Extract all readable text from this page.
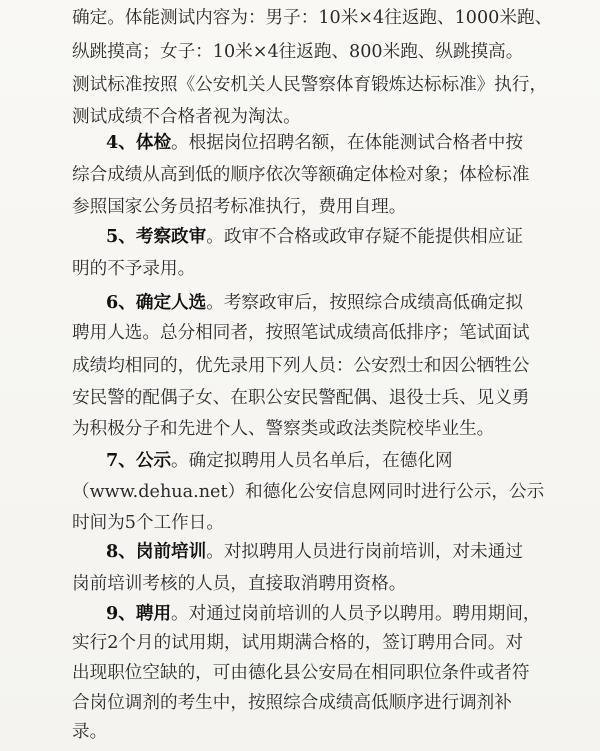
确定。体能测试内容为：男子：10米×4往返跑、1000米跑、
纵跳摸高；女子：10米×4往返跑、800米跑、纵跳摸高。
测试标准按照《公安机关人民警察体育锻炼达标标准》执行，
测试成绩不合格者视为淘汰。
4、体检。根据岗位招聘名额，在体能测试合格者中按
综合成绩从高到低的顺序依次等额确定体检对象；体检标准
参照国家公务员招考标准执行，费用自理。
5、考察政审。政审不合格或政审存疑不能提供相应证
明的不予录用。
6、确定人选。考察政审后，按照综合成绩高低确定拟
聘用人选。总分相同者，按照笔试成绩高低排序；笔试面试
成绩均相同的，优先录用下列人员：公安烈士和因公牺牲公
安民警的配偶子女、在职公安民警配偶、退役士兵、见义勇
为积极分子和先进个人、警察类或政法类院校毕业生。
7、公示。确定拟聘用人员名单后，在德化网
（www.dehua.net）和德化公安信息网同时进行公示，公示
时间为5个工作日。
8、岗前培训。对拟聘用人员进行岗前培训，对未通过
岗前培训考核的人员，直接取消聘用资格。
9、聘用。对通过岗前培训的人员予以聘用。聘用期间，
实行2个月的试用期，试用期满合格的，签订聘用合同。对
出现职位空缺的，可由德化县公安局在相同职位条件或者符
合岗位调剂的考生中，按照综合成绩高低顺序进行调剂补
录。
